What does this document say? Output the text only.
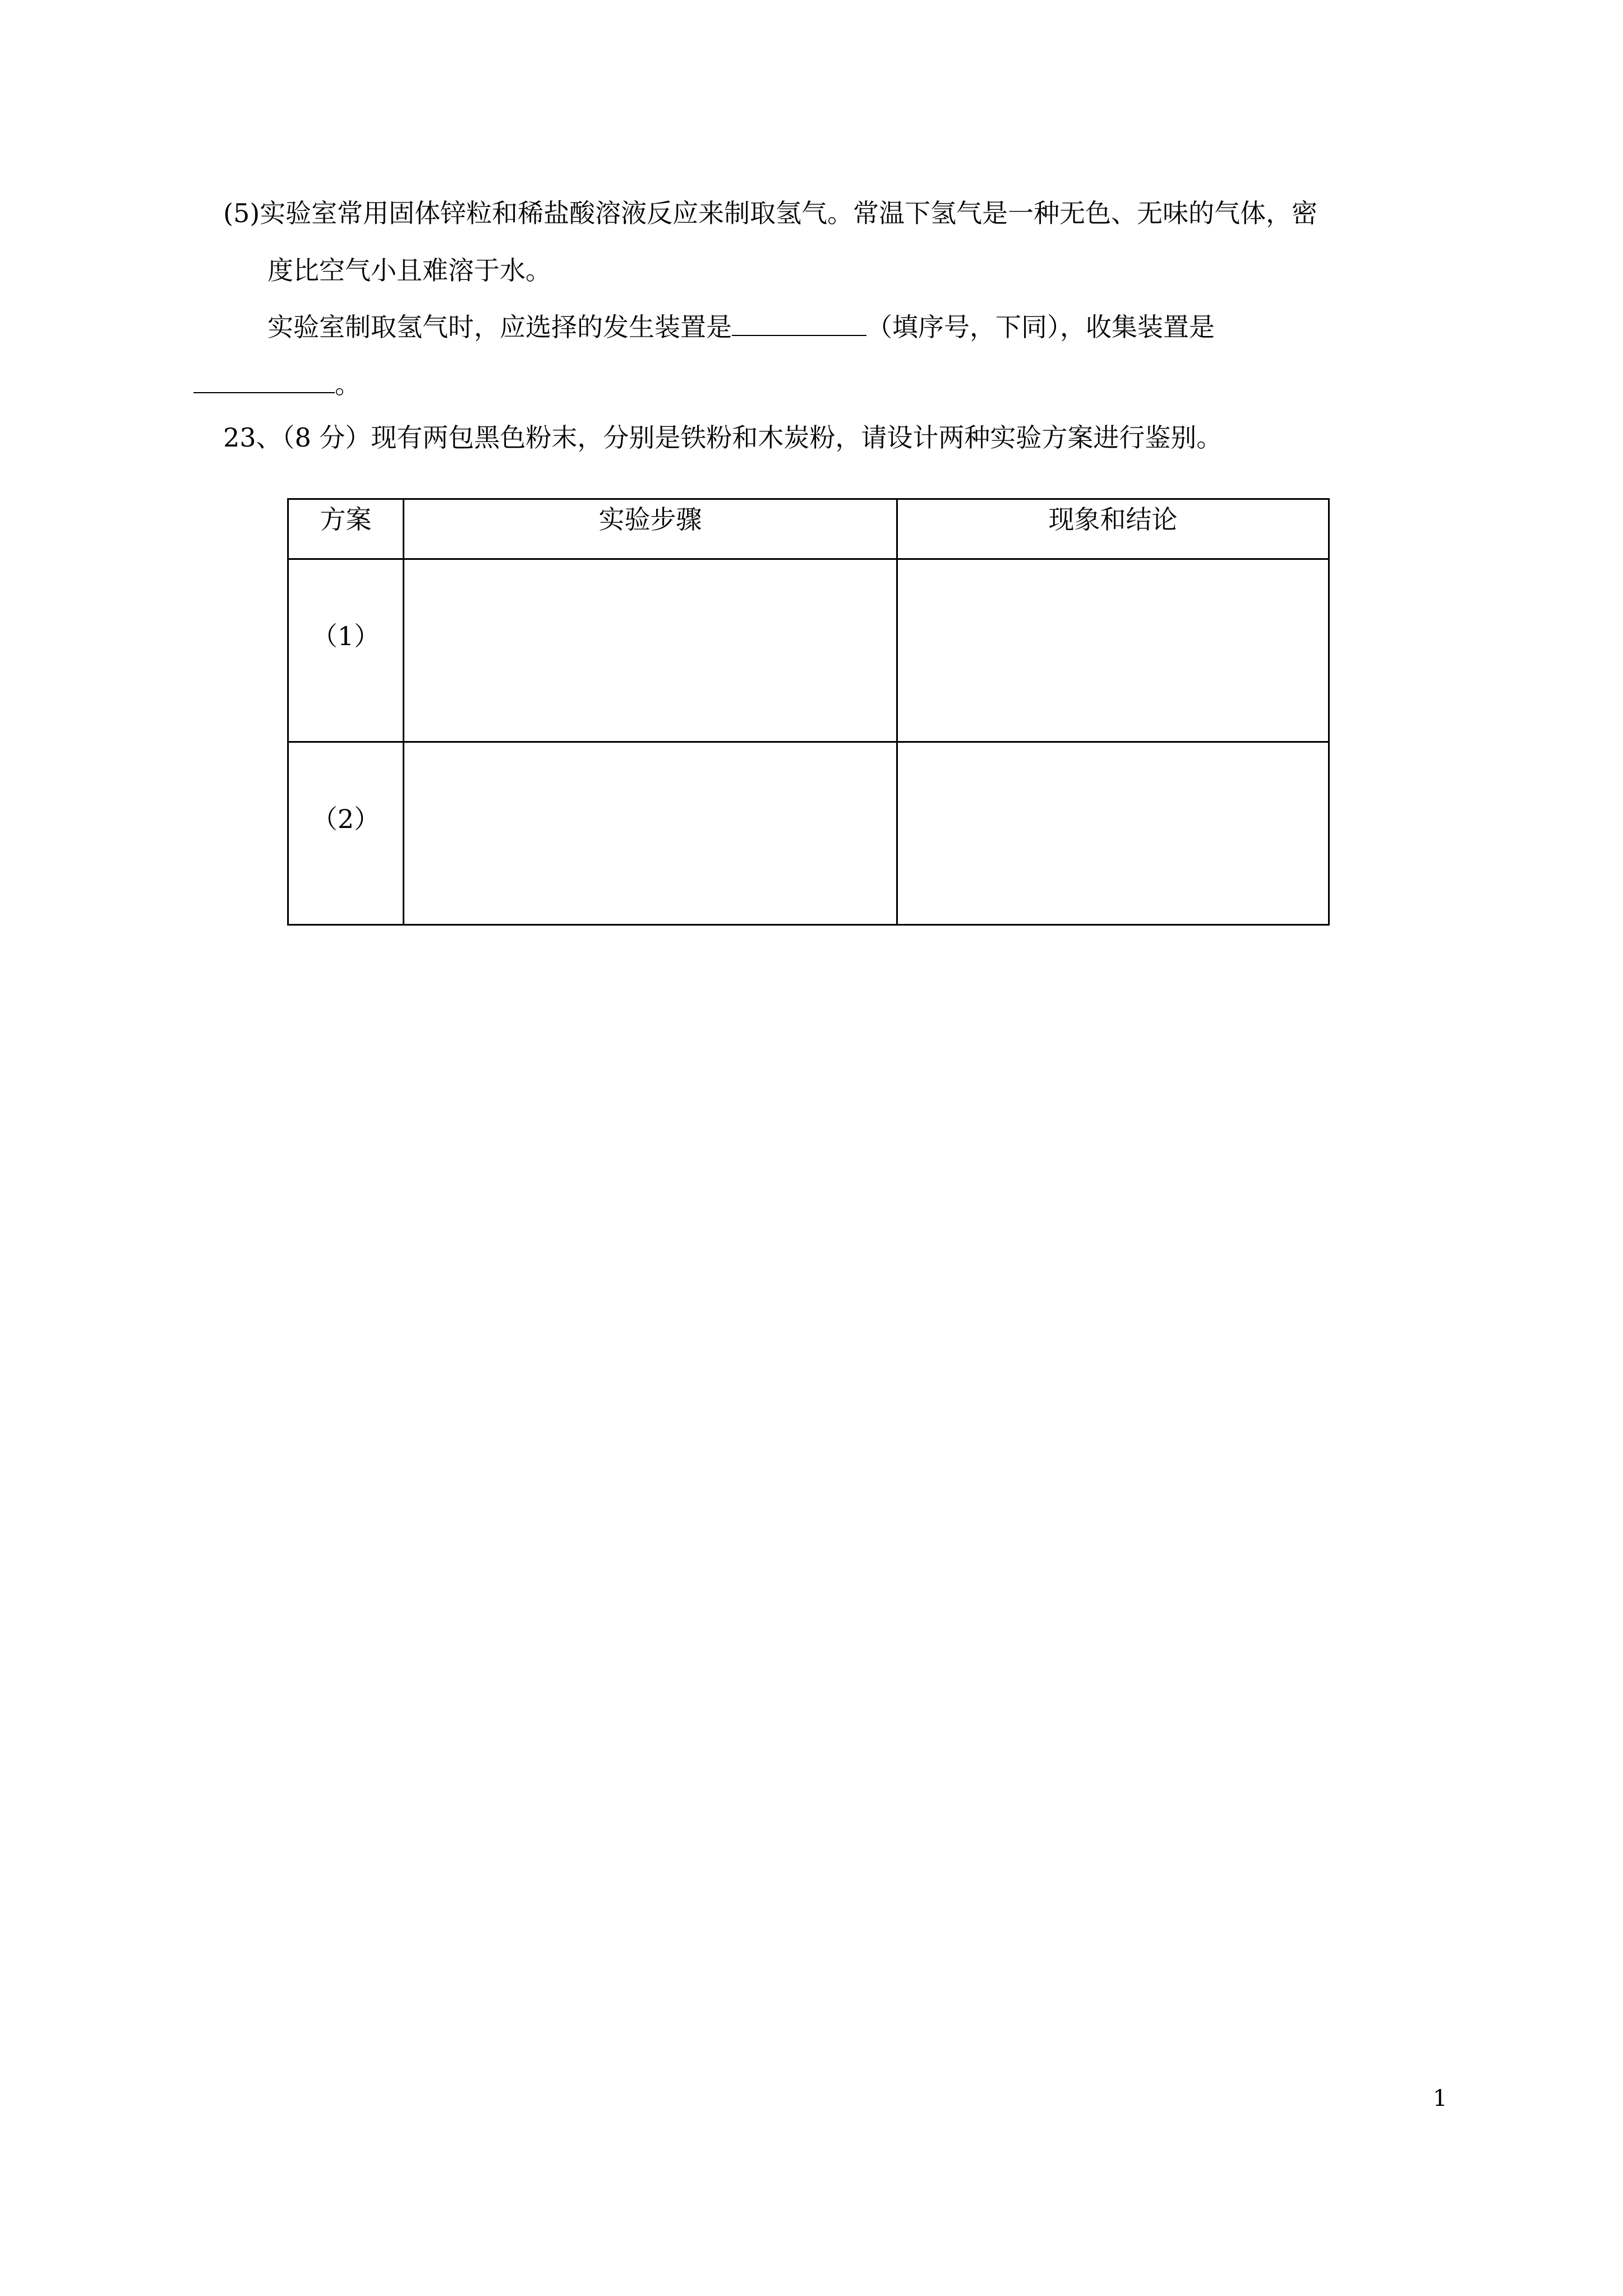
(5)实验室常用固体锌粒和稀盐酸溶液反应来制取氢气。常温下氢气是一种无色、无味的气体，密
度比空气小且难溶于水。
实验室制取氢气时，应选择的发生装置是	（填序号，下同），收集装置是
。
23、（8 分）现有两包黑色粉末，分别是铁粉和木炭粉，请设计两种实验方案进行鉴别。
方案	实验步骤	现象和结论

（1）		

（2）		

1
